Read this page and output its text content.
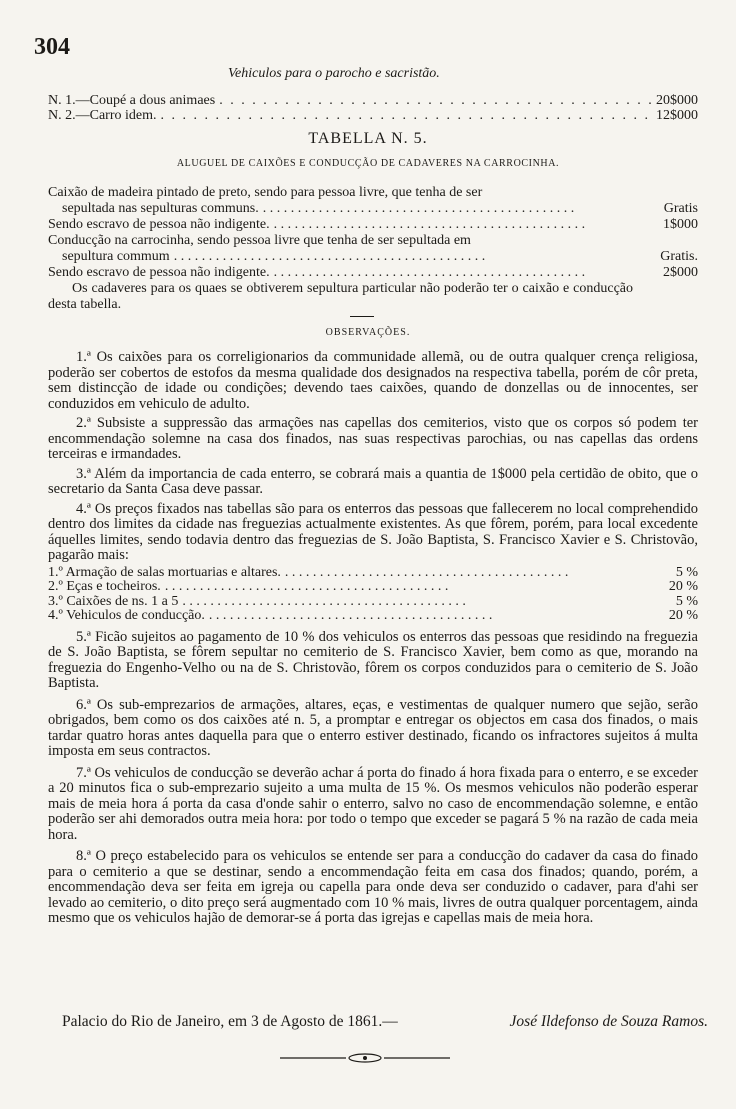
304
Vehiculos para o parocho e sacristão.
N. 1.—Coupé a dous animaes . . .	20$000
N. 2.—Carro idem. . . .	12$000
TABELLA N. 5.
ALUGUEL DE CAIXÕES E CONDUCÇÃO DE CADAVERES NA CARROCINHA.
Caixão de madeira pintado de preto, sendo para pessoa livre, que tenha de ser
sepultada nas sepulturas communs. . . . . . . . . . . . . . . . . . . . . . . . . . . . . . . . . . . . . . . . . . . . . .	Gratis
Sendo escravo de pessoa não indigente. . . . . . . . . . . . . . . . . . . . . . . . . . . . . . . . . . . . . . . . . . . . . .	1$000
Conducção na carrocinha, sendo pessoa livre que tenha de ser sepultada em
sepultura commum . . . . . . . . . . . . . . . . . . . . . . . . . . . . . . . . . . . . . . . . . . . . .	Gratis.
Sendo escravo de pessoa não indigente. . . . . . . . . . . . . . . . . . . . . . . . . . . . . . . . . . . . . . . . . . . . . .	2$000
Os cadaveres para os quaes se obtiverem sepultura particular não poderão ter o caixão e conducção desta tabella.
OBSERVAÇÕES.

1.ª Os caixões para os correligionarios da communidade allemã, ou de outra qualquer crença religiosa, poderão ser cobertos de estofos da mesma qualidade dos designados na respectiva tabella, porém de côr preta, sem distincção de idade ou condições; devendo taes caixões, quando de donzellas ou de innocentes, ser conduzidos em vehiculo de adulto.

2.ª Subsiste a suppressão das armações nas capellas dos cemiterios, visto que os corpos só podem ter encommendação solemne na casa dos finados, nas suas respectivas parochias, ou nas capellas das ordens terceiras e irmandades.

3.ª Além da importancia de cada enterro, se cobrará mais a quantia de 1$000 pela certidão de obito, que o secretario da Santa Casa deve passar.

4.ª Os preços fixados nas tabellas são para os enterros das pessoas que fallecerem no local comprehendido dentro dos limites da cidade nas freguezias actualmente existentes. As que fôrem, porém, para local excedente áquelles limites, sendo todavia dentro das freguezias de S. João Baptista, S. Francisco Xavier e S. Christovão, pagarão mais:

1.º Armação de salas mortuarias e altares. . . . . . . . . . . . . . . . . . . . . . . . . . . . . . . . . . . . . . . . . .	5 %
2.º Eças e tocheiros. . . . . . . . . . . . . . . . . . . . . . . . . . . . . . . . . . . . . . . . . .	20 %
3.º Caixões de ns. 1 a 5 . . . . . . . . . . . . . . . . . . . . . . . . . . . . . . . . . . . . . . . . .	5 %
4.º Vehiculos de conducção. . . . . . . . . . . . . . . . . . . . . . . . . . . . . . . . . . . . . . . . . .	20 %

5.ª Ficão sujeitos ao pagamento de 10 % dos vehiculos os enterros das pessoas que residindo na freguezia de S. João Baptista, se fôrem sepultar no cemiterio de S. Francisco Xavier, bem como as que, morando na freguezia do Engenho-Velho ou na de S. Christovão, fôrem os corpos conduzidos para o cemiterio de S. João Baptista.

6.ª Os sub-emprezarios de armações, altares, eças, e vestimentas de qualquer numero que sejão, serão obrigados, bem como os dos caixões até n. 5, a promptar e entregar os objectos em casa dos finados, o mais tardar quatro horas antes daquella para que o enterro estiver destinado, ficando os infractores sujeitos á multa imposta em seus contractos.

7.ª Os vehiculos de conducção se deverão achar á porta do finado á hora fixada para o enterro, e se exceder a 20 minutos fica o sub-emprezario sujeito a uma multa de 15 %. Os mesmos vehiculos não poderão esperar mais de meia hora á porta da casa d'onde sahir o enterro, salvo no caso de encommendação solemne, e então poderão ser ahi demorados outra meia hora: por todo o tempo que exceder se pagará 5 % na razão de cada meia hora.

8.ª O preço estabelecido para os vehiculos se entende ser para a conducção do cadaver da casa do finado para o cemiterio a que se destinar, sendo a encommendação feita em casa dos finados; quando, porém, a encommendação deva ser feita em igreja ou capella para onde deva ser conduzido o cadaver, para d'ahi ser levado ao cemiterio, o dito preço será augmentado com 10 % mais, livres de outra qualquer porcentagem, ainda mesmo que os vehiculos hajão de demorar-se á porta das igrejas e capellas mais de meia hora.

Palacio do Rio de Janeiro, em 3 de Agosto de 1861.—	José Ildefonso de Souza Ramos.
